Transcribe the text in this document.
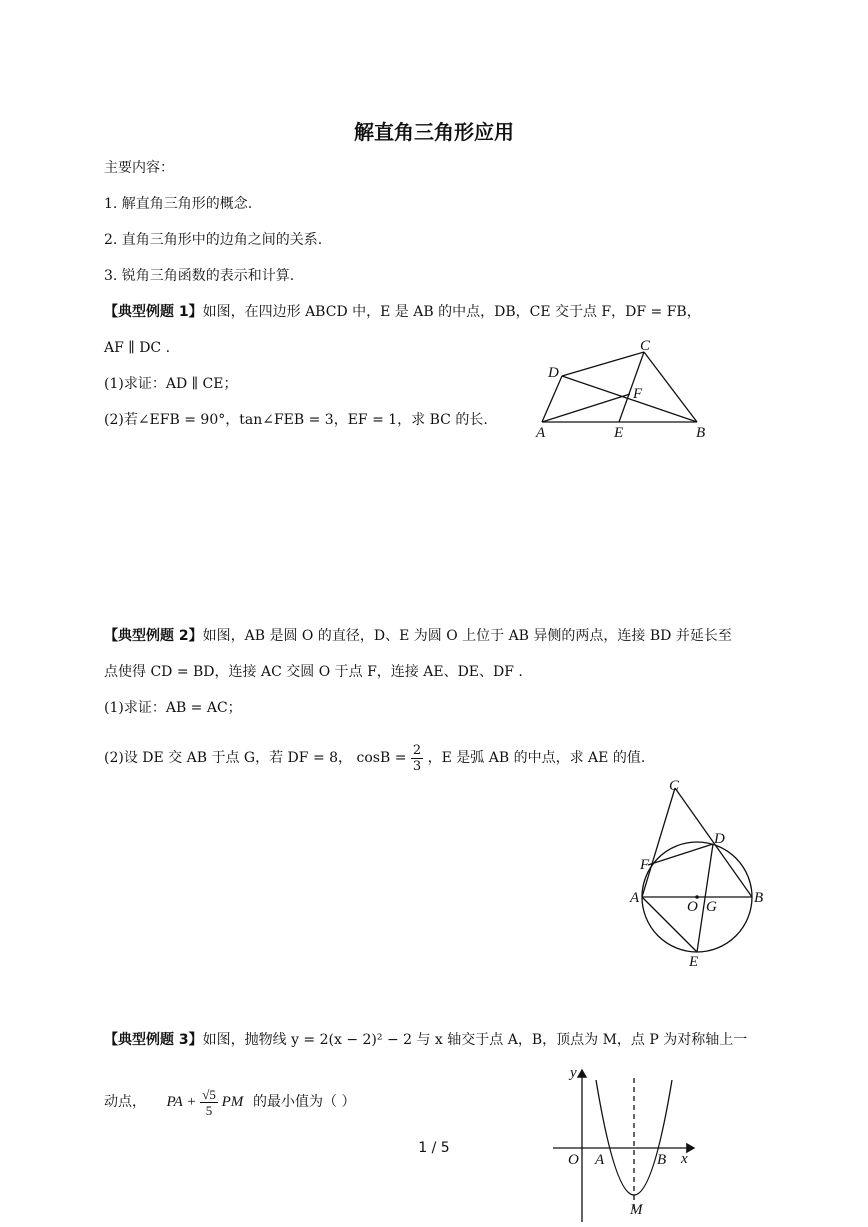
解直角三角形应用
主要内容：
1. 解直角三角形的概念.
2. 直角三角形中的边角之间的关系.
3. 锐角三角函数的表示和计算.
【典型例题 1】如图，在四边形 ABCD 中，E 是 AB 的中点，DB，CE 交于点 F，DF = FB，
AF ∥ DC .
(1)求证：AD ∥ CE；
(2)若∠EFB = 90°，tan∠FEB = 3，EF = 1，求 BC 的长.
D
C
F
A	E	B
【典型例题 2】如图，AB 是圆 O 的直径，D、E 为圆 O 上位于 AB 异侧的两点，连接 BD 并延长至
点使得 CD = BD，连接 AC 交圆 O 于点 F，连接 AE、DE、DF .
(1)求证：AB = AC；
(2)设 DE 交 AB 于点 G，若 DF = 8， $\cos B = \frac{2}{3}$ ，E 是弧 AB 的中点，求 AE 的值.
C
D
F
A	B
O G
E
【典型例题 3】如图，抛物线 y = 2(x − 2)² − 2 与 x 轴交于点 A，B，顶点为 M，点 P 为对称轴上一
动点， PA + $\frac{√5}{5}$ PM 的最小值为（ ）
y
x
O A	B
M
1 / 5
